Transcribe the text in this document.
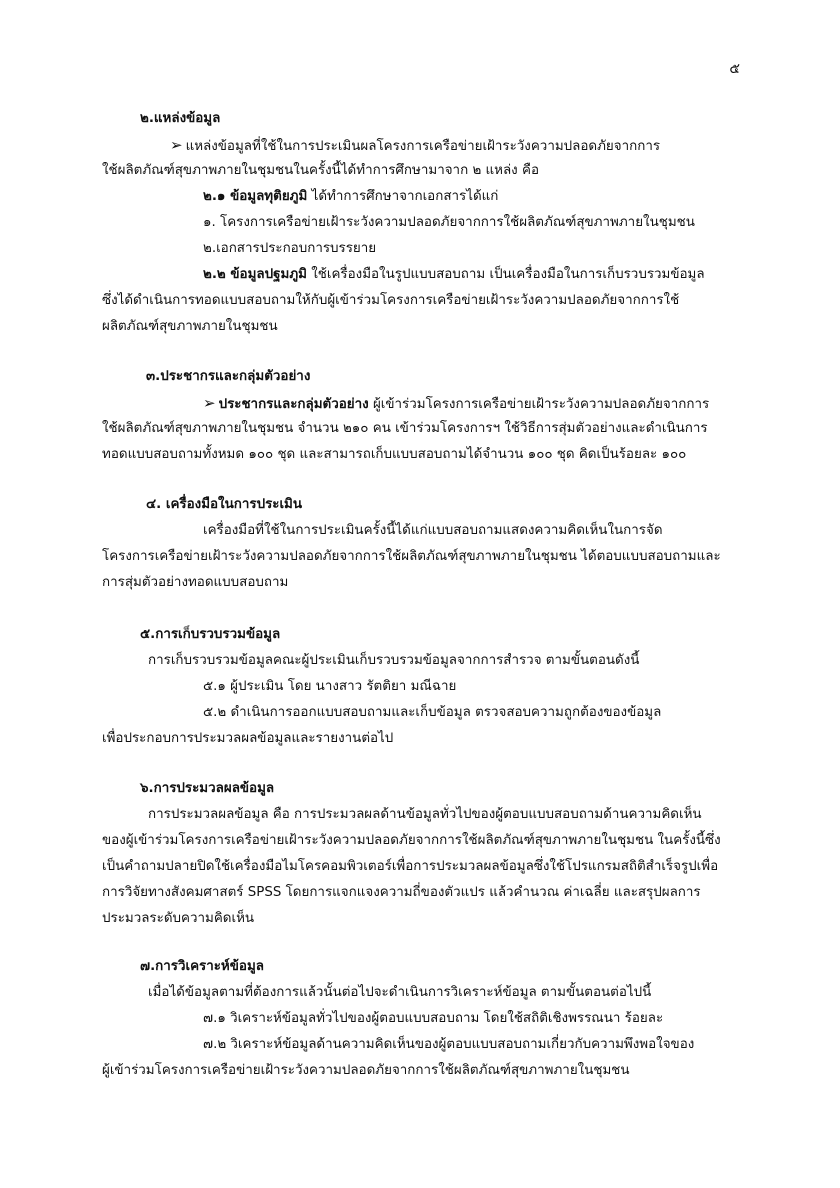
๕
๒.แหล่งข้อมูล
➢ แหล่งข้อมูลที่ใช้ในการประเมินผลโครงการเครือข่ายเฝ้าระวังความปลอดภัยจากการ
ใช้ผลิตภัณฑ์สุขภาพภายในชุมชนในครั้งนี้ได้ทำการศึกษามาจาก ๒ แหล่ง คือ
๒.๑ ข้อมูลทุติยภูมิ ได้ทำการศึกษาจากเอกสารได้แก่
๑. โครงการเครือข่ายเฝ้าระวังความปลอดภัยจากการใช้ผลิตภัณฑ์สุขภาพภายในชุมชน
๒.เอกสารประกอบการบรรยาย
๒.๒ ข้อมูลปฐมภูมิ ใช้เครื่องมือในรูปแบบสอบถาม เป็นเครื่องมือในการเก็บรวบรวมข้อมูล
ซึ่งได้ดำเนินการทอดแบบสอบถามให้กับผู้เข้าร่วมโครงการเครือข่ายเฝ้าระวังความปลอดภัยจากการใช้
ผลิตภัณฑ์สุขภาพภายในชุมชน
๓.ประชากรและกลุ่มตัวอย่าง
➢ ประชากรและกลุ่มตัวอย่าง ผู้เข้าร่วมโครงการเครือข่ายเฝ้าระวังความปลอดภัยจากการ
ใช้ผลิตภัณฑ์สุขภาพภายในชุมชน จำนวน ๒๑๐ คน เข้าร่วมโครงการฯ ใช้วิธีการสุ่มตัวอย่างและดำเนินการ
ทอดแบบสอบถามทั้งหมด ๑๐๐ ชุด และสามารถเก็บแบบสอบถามได้จำนวน ๑๐๐ ชุด คิดเป็นร้อยละ ๑๐๐
๔. เครื่องมือในการประเมิน
เครื่องมือที่ใช้ในการประเมินครั้งนี้ได้แก่แบบสอบถามแสดงความคิดเห็นในการจัด
โครงการเครือข่ายเฝ้าระวังความปลอดภัยจากการใช้ผลิตภัณฑ์สุขภาพภายในชุมชน ได้ตอบแบบสอบถามและ
การสุ่มตัวอย่างทอดแบบสอบถาม
๕.การเก็บรวบรวมข้อมูล
การเก็บรวบรวมข้อมูลคณะผู้ประเมินเก็บรวบรวมข้อมูลจากการสำรวจ ตามขั้นตอนดังนี้
๕.๑ ผู้ประเมิน โดย นางสาว รัตติยา มณีฉาย
๕.๒ ดำเนินการออกแบบสอบถามและเก็บข้อมูล ตรวจสอบความถูกต้องของข้อมูล
เพื่อประกอบการประมวลผลข้อมูลและรายงานต่อไป
๖.การประมวลผลข้อมูล
การประมวลผลข้อมูล คือ การประมวลผลด้านข้อมูลทั่วไปของผู้ตอบแบบสอบถามด้านความคิดเห็น
ของผู้เข้าร่วมโครงการเครือข่ายเฝ้าระวังความปลอดภัยจากการใช้ผลิตภัณฑ์สุขภาพภายในชุมชน ในครั้งนี้ซึ่ง
เป็นคำถามปลายปิดใช้เครื่องมือไมโครคอมพิวเตอร์เพื่อการประมวลผลข้อมูลซึ่งใช้โปรแกรมสถิติสำเร็จรูปเพื่อ
การวิจัยทางสังคมศาสตร์ SPSS โดยการแจกแจงความถี่ของตัวแปร แล้วคำนวณ ค่าเฉลี่ย และสรุปผลการ
ประมวลระดับความคิดเห็น
๗.การวิเคราะห์ข้อมูล
เมื่อได้ข้อมูลตามที่ต้องการแล้วนั้นต่อไปจะดำเนินการวิเคราะห์ข้อมูล ตามขั้นตอนต่อไปนี้
๗.๑ วิเคราะห์ข้อมูลทั่วไปของผู้ตอบแบบสอบถาม โดยใช้สถิติเชิงพรรณนา ร้อยละ
๗.๒ วิเคราะห์ข้อมูลด้านความคิดเห็นของผู้ตอบแบบสอบถามเกี่ยวกับความพึงพอใจของ
ผู้เข้าร่วมโครงการเครือข่ายเฝ้าระวังความปลอดภัยจากการใช้ผลิตภัณฑ์สุขภาพภายในชุมชน
